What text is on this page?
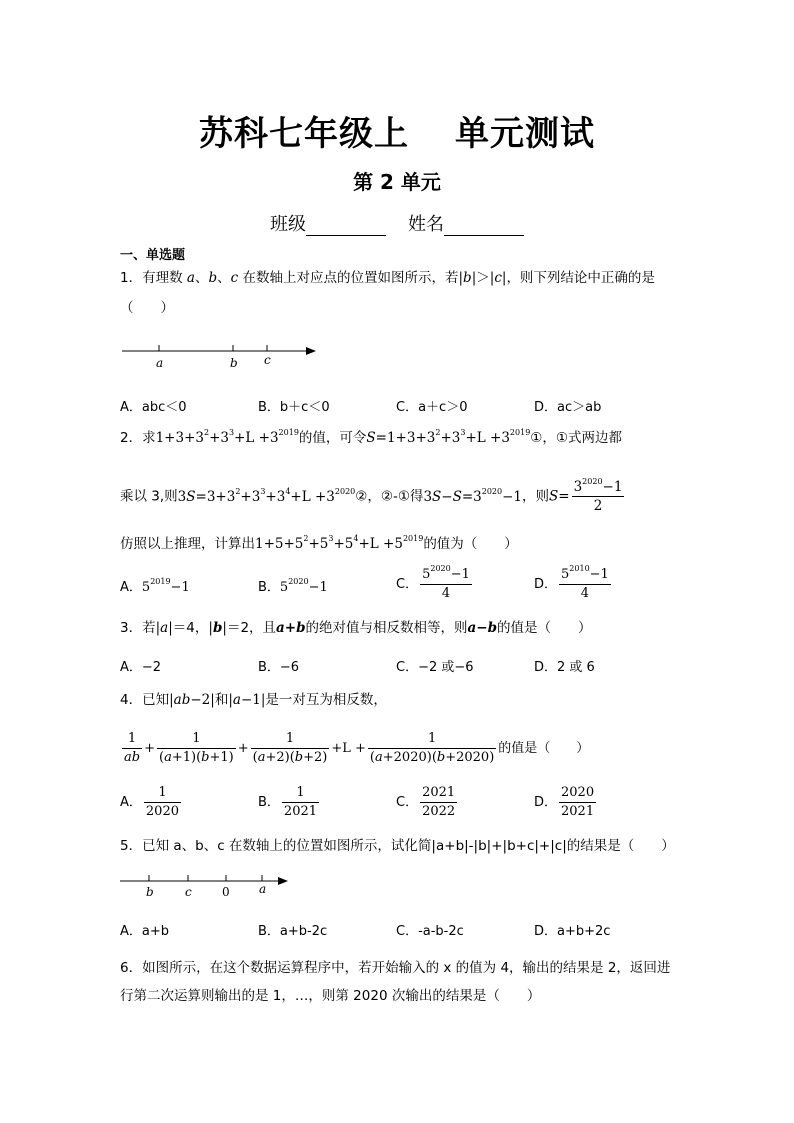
苏科七年级上 单元测试
第 2 单元
班级	姓名
一、单选题
1．有理数 a、b、c 在数轴上对应点的位置如图所示，若|b|＞|c|，则下列结论中正确的是
（　　）
a	b c
A．abc＜0	B．b＋c＜0	C．a＋c＞0	D．ac＞ab
2．求$1+3+3^2+3^3+L +3^{2019}$的值，可令$S=1+3+3^2+3^3+L$ $+3^{2019}①$，①式两边都
乘以 3,则$3S=3+3^2+3^3+3^4+L$ $+3^{2020}②$，②-①得$3S-S=3^{2020}-1$，则$S= \frac{3^{2020}-1}{2}$
仿照以上推理，计算出$1+5+5^2+5^3+5^4+L +5^{2019}$的值为（　　）
A．$5^{2019}-1$	B．$5^{2020}-1$	C． $\frac{5^{2020}-1}{4}$	D． $\frac{5^{2010}-1}{4}$
3．若|a|＝4，|b|＝2，且a+b的绝对值与相反数相等，则a−b的值是（　　）
A．−2	B．−6	C．−2 或−6	D．2 或 6
4．已知|ab−2|和|a−1|是一对互为相反数，
$\frac{1}{ab} + \frac{1}{(a+1)(b+1)} + \frac{1}{(a+2)(b+2)} +L + \frac{1}{(a+2020)(b+2020)}$ 的值是（　　）
A． $\frac{1}{2020}$	B． $\frac{1}{2021}$	C． $\frac{2021}{2022}$	D． $\frac{2020}{2021}$
5．已知 a、b、c 在数轴上的位置如图所示，试化简|a+b|-|b|+|b+c|+|c|的结果是（　　）
b	c	0 a
A．a+b	B．a+b-2c	C．-a-b-2c	D．a+b+2c
6．如图所示，在这个数据运算程序中，若开始输入的 x 的值为 4，输出的结果是 2，返回进
行第二次运算则输出的是 1，…，则第 2020 次输出的结果是（　　）
